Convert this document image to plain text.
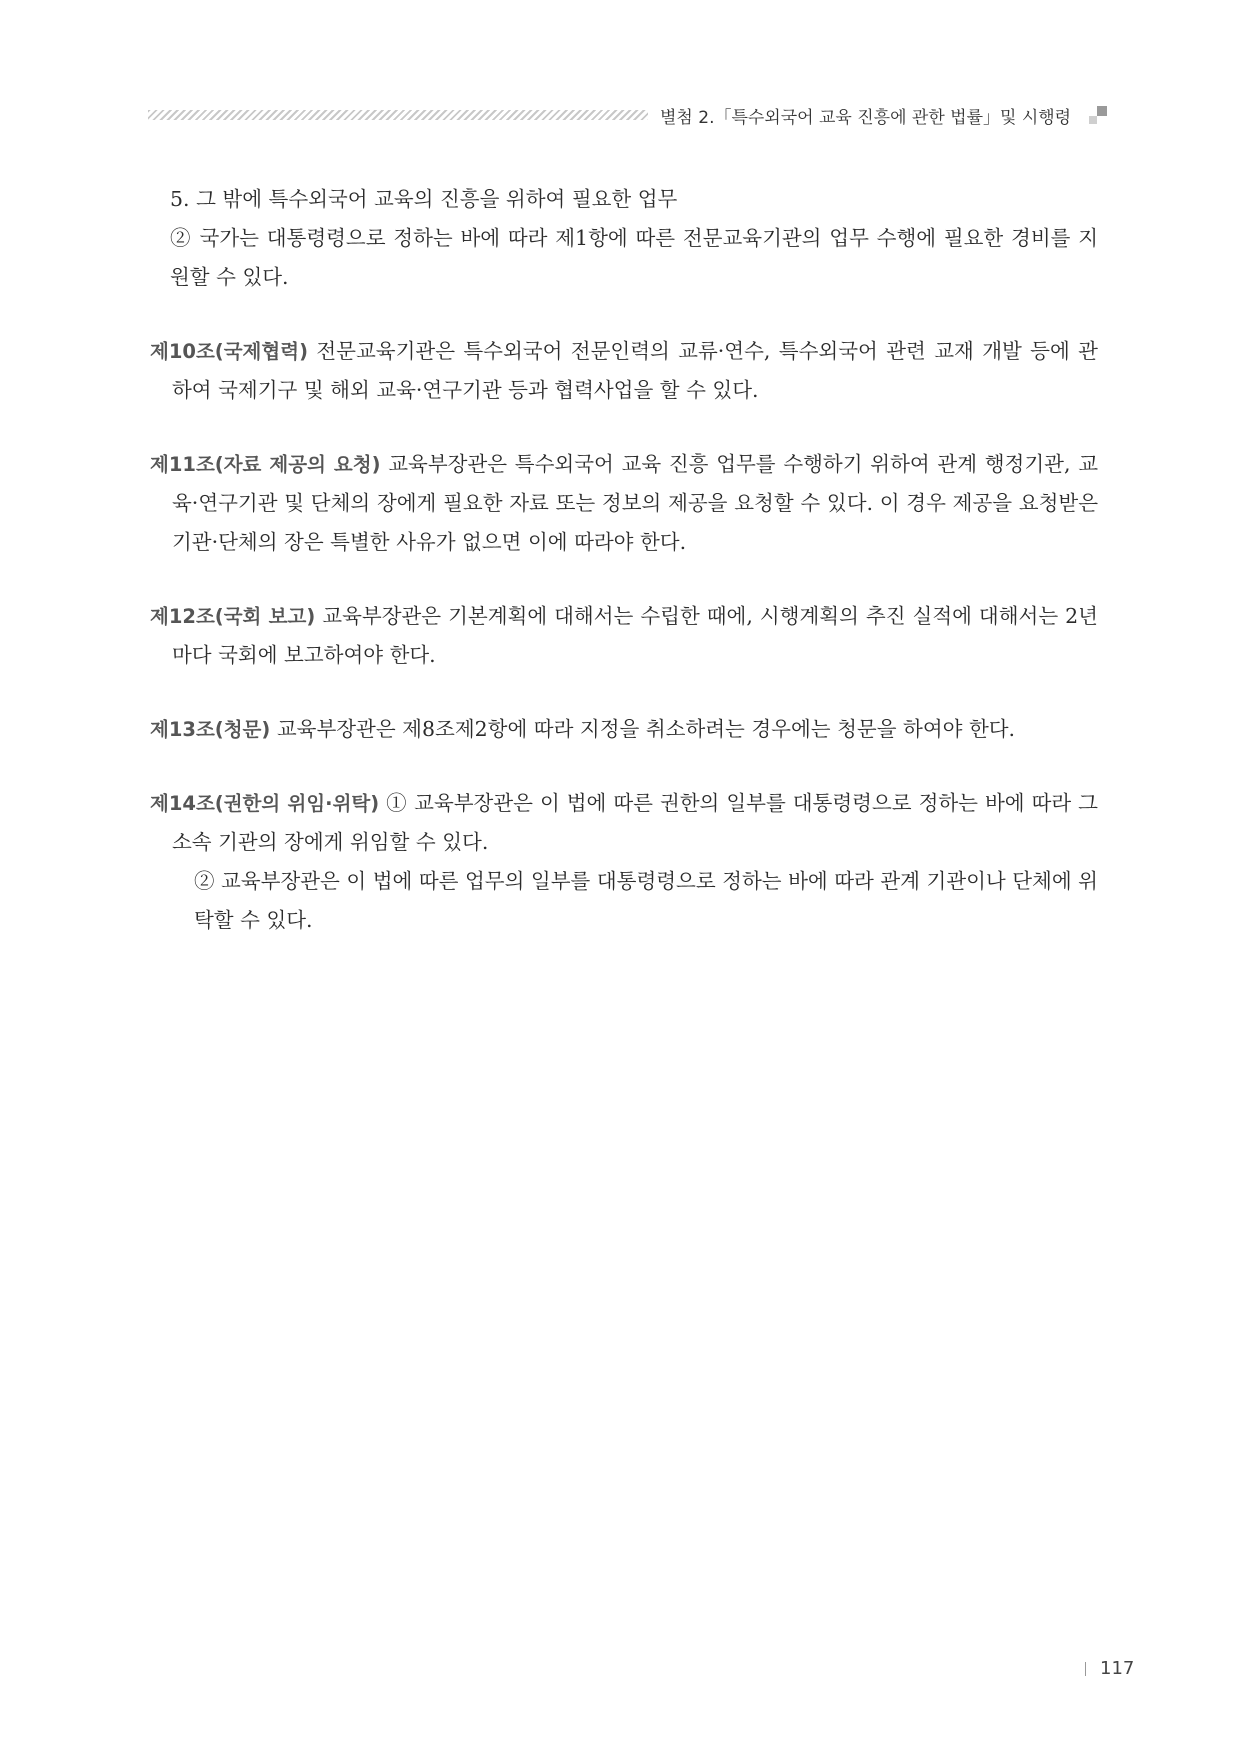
별첨 2.「특수외국어 교육 진흥에 관한 법률」및 시행령
5. 그 밖에 특수외국어 교육의 진흥을 위하여 필요한 업무
② 국가는 대통령령으로 정하는 바에 따라 제1항에 따른 전문교육기관의 업무 수행에 필요한 경비를 지원할 수 있다.
제10조(국제협력) 전문교육기관은 특수외국어 전문인력의 교류·연수, 특수외국어 관련 교재 개발 등에 관하여 국제기구 및 해외 교육·연구기관 등과 협력사업을 할 수 있다.
제11조(자료 제공의 요청) 교육부장관은 특수외국어 교육 진흥 업무를 수행하기 위하여 관계 행정기관, 교육·연구기관 및 단체의 장에게 필요한 자료 또는 정보의 제공을 요청할 수 있다. 이 경우 제공을 요청받은 기관·단체의 장은 특별한 사유가 없으면 이에 따라야 한다.
제12조(국회 보고) 교육부장관은 기본계획에 대해서는 수립한 때에, 시행계획의 추진 실적에 대해서는 2년마다 국회에 보고하여야 한다.
제13조(청문) 교육부장관은 제8조제2항에 따라 지정을 취소하려는 경우에는 청문을 하여야 한다.
제14조(권한의 위임·위탁) ① 교육부장관은 이 법에 따른 권한의 일부를 대통령령으로 정하는 바에 따라 그 소속 기관의 장에게 위임할 수 있다.
② 교육부장관은 이 법에 따른 업무의 일부를 대통령령으로 정하는 바에 따라 관계 기관이나 단체에 위탁할 수 있다.
117
